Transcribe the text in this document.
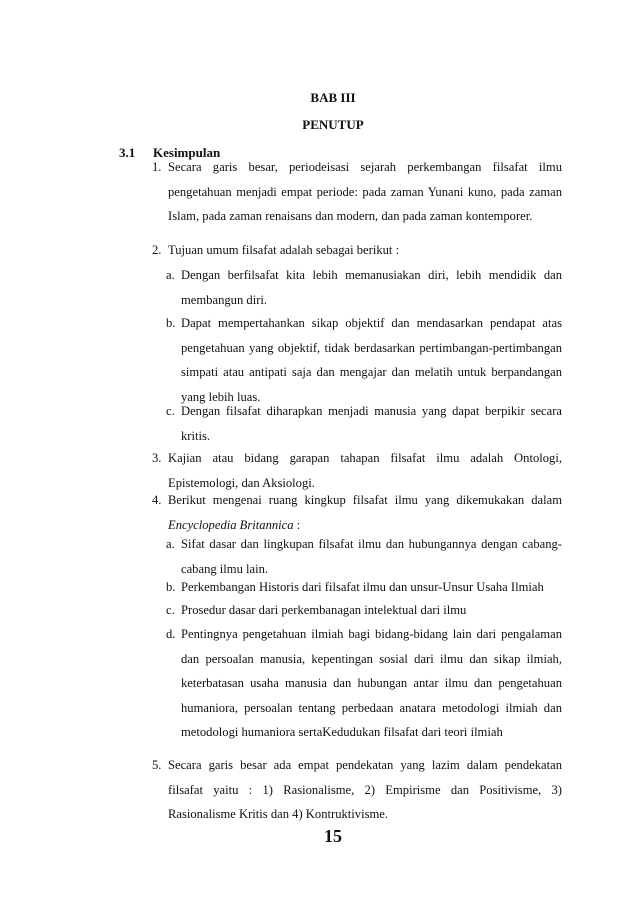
BAB III
PENUTUP
3.1 Kesimpulan
1. Secara garis besar, periodeisasi sejarah perkembangan filsafat ilmu pengetahuan menjadi empat periode: pada zaman Yunani kuno, pada zaman Islam, pada zaman renaisans dan modern, dan pada zaman kontemporer.
2. Tujuan umum filsafat adalah sebagai berikut :
a. Dengan berfilsafat kita lebih memanusiakan diri, lebih mendidik dan membangun diri.
b. Dapat mempertahankan sikap objektif dan mendasarkan pendapat atas pengetahuan yang objektif, tidak berdasarkan pertimbangan-pertimbangan simpati atau antipati saja dan mengajar dan melatih untuk berpandangan yang lebih luas.
c. Dengan filsafat diharapkan menjadi manusia yang dapat berpikir secara kritis.
3. Kajian atau bidang garapan tahapan filsafat ilmu adalah Ontologi, Epistemologi, dan Aksiologi.
4. Berikut mengenai ruang kingkup filsafat ilmu yang dikemukakan dalam Encyclopedia Britannica :
a. Sifat dasar dan lingkupan filsafat ilmu dan hubungannya dengan cabang-cabang ilmu lain.
b. Perkembangan Historis dari filsafat ilmu dan unsur-Unsur Usaha Ilmiah
c. Prosedur dasar dari perkembanagan intelektual dari ilmu
d. Pentingnya pengetahuan ilmiah bagi bidang-bidang lain dari pengalaman dan persoalan manusia, kepentingan sosial dari ilmu dan sikap ilmiah, keterbatasan usaha manusia dan hubungan antar ilmu dan pengetahuan humaniora, persoalan tentang perbedaan anatara metodologi ilmiah dan metodologi humaniora sertaKedudukan filsafat dari teori ilmiah
5. Secara garis besar ada empat pendekatan yang lazim dalam pendekatan filsafat yaitu : 1) Rasionalisme, 2) Empirisme dan Positivisme, 3) Rasionalisme Kritis dan 4) Kontruktivisme.
15
